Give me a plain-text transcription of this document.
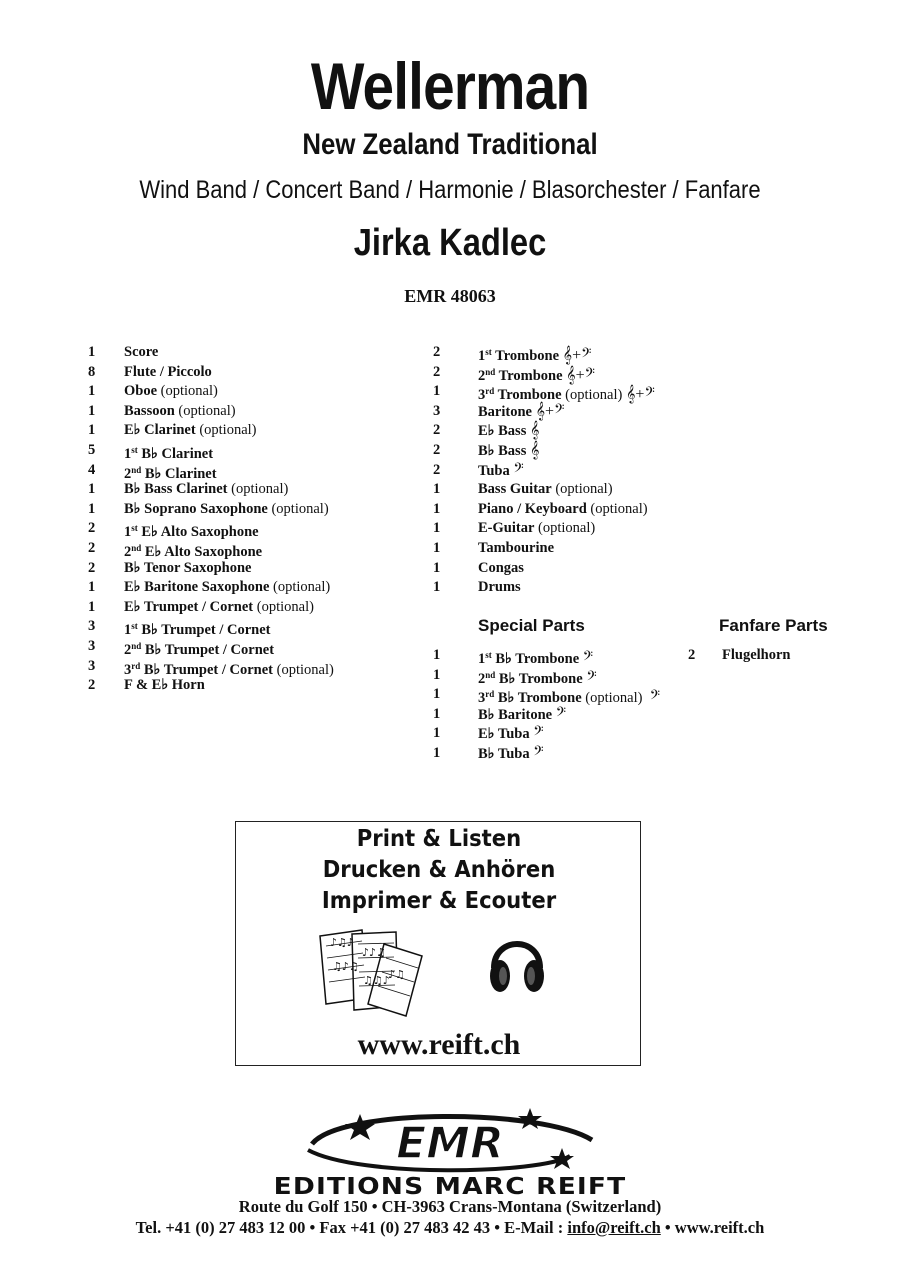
Wellerman
New Zealand Traditional
Wind Band / Concert Band / Harmonie / Blasorchester / Fanfare
Jirka Kadlec
EMR 48063
1	Score
8	Flute / Piccolo
1	Oboe (optional)
1	Bassoon (optional)
1	E♭ Clarinet (optional)
5	1st B♭ Clarinet
4	2nd B♭ Clarinet
1	B♭ Bass Clarinet (optional)
1	B♭ Soprano Saxophone (optional)
2	1st E♭ Alto Saxophone
2	2nd E♭ Alto Saxophone
2	B♭ Tenor Saxophone
1	E♭ Baritone Saxophone (optional)
1	E♭ Trumpet / Cornet (optional)
3	1st B♭ Trumpet / Cornet
3	2nd B♭ Trumpet / Cornet
3	3rd B♭ Trumpet / Cornet (optional)
2	F & E♭ Horn
2	1st Trombone 𝄞+𝄢
2	2nd Trombone 𝄞+𝄢
1	3rd Trombone (optional) 𝄞+𝄢
3	Baritone 𝄞+𝄢
2	E♭ Bass 𝄞
2	B♭ Bass 𝄞
2	Tuba 𝄢
1	Bass Guitar (optional)
1	Piano / Keyboard (optional)
1	E-Guitar (optional)
1	Tambourine
1	Congas
1	Drums
Special Parts
1	1st B♭ Trombone 𝄢
1	2nd B♭ Trombone 𝄢
1	3rd B♭ Trombone (optional) 𝄢
1	B♭ Baritone 𝄢
1	E♭ Tuba 𝄢
1	B♭ Tuba 𝄢
Fanfare Parts
2	Flugelhorn
Print & Listen
Drucken & Anhören
Imprimer & Ecouter
♪♫♪
♫♪♫
♪♪♫
♫♫♪
♪♫
www.reift.ch
EMR
EDITIONS MARC REIFT
Route du Golf 150 • CH-3963 Crans-Montana (Switzerland)
Tel. +41 (0) 27 483 12 00 • Fax +41 (0) 27 483 42 43 • E-Mail : info@reift.ch • www.reift.ch
